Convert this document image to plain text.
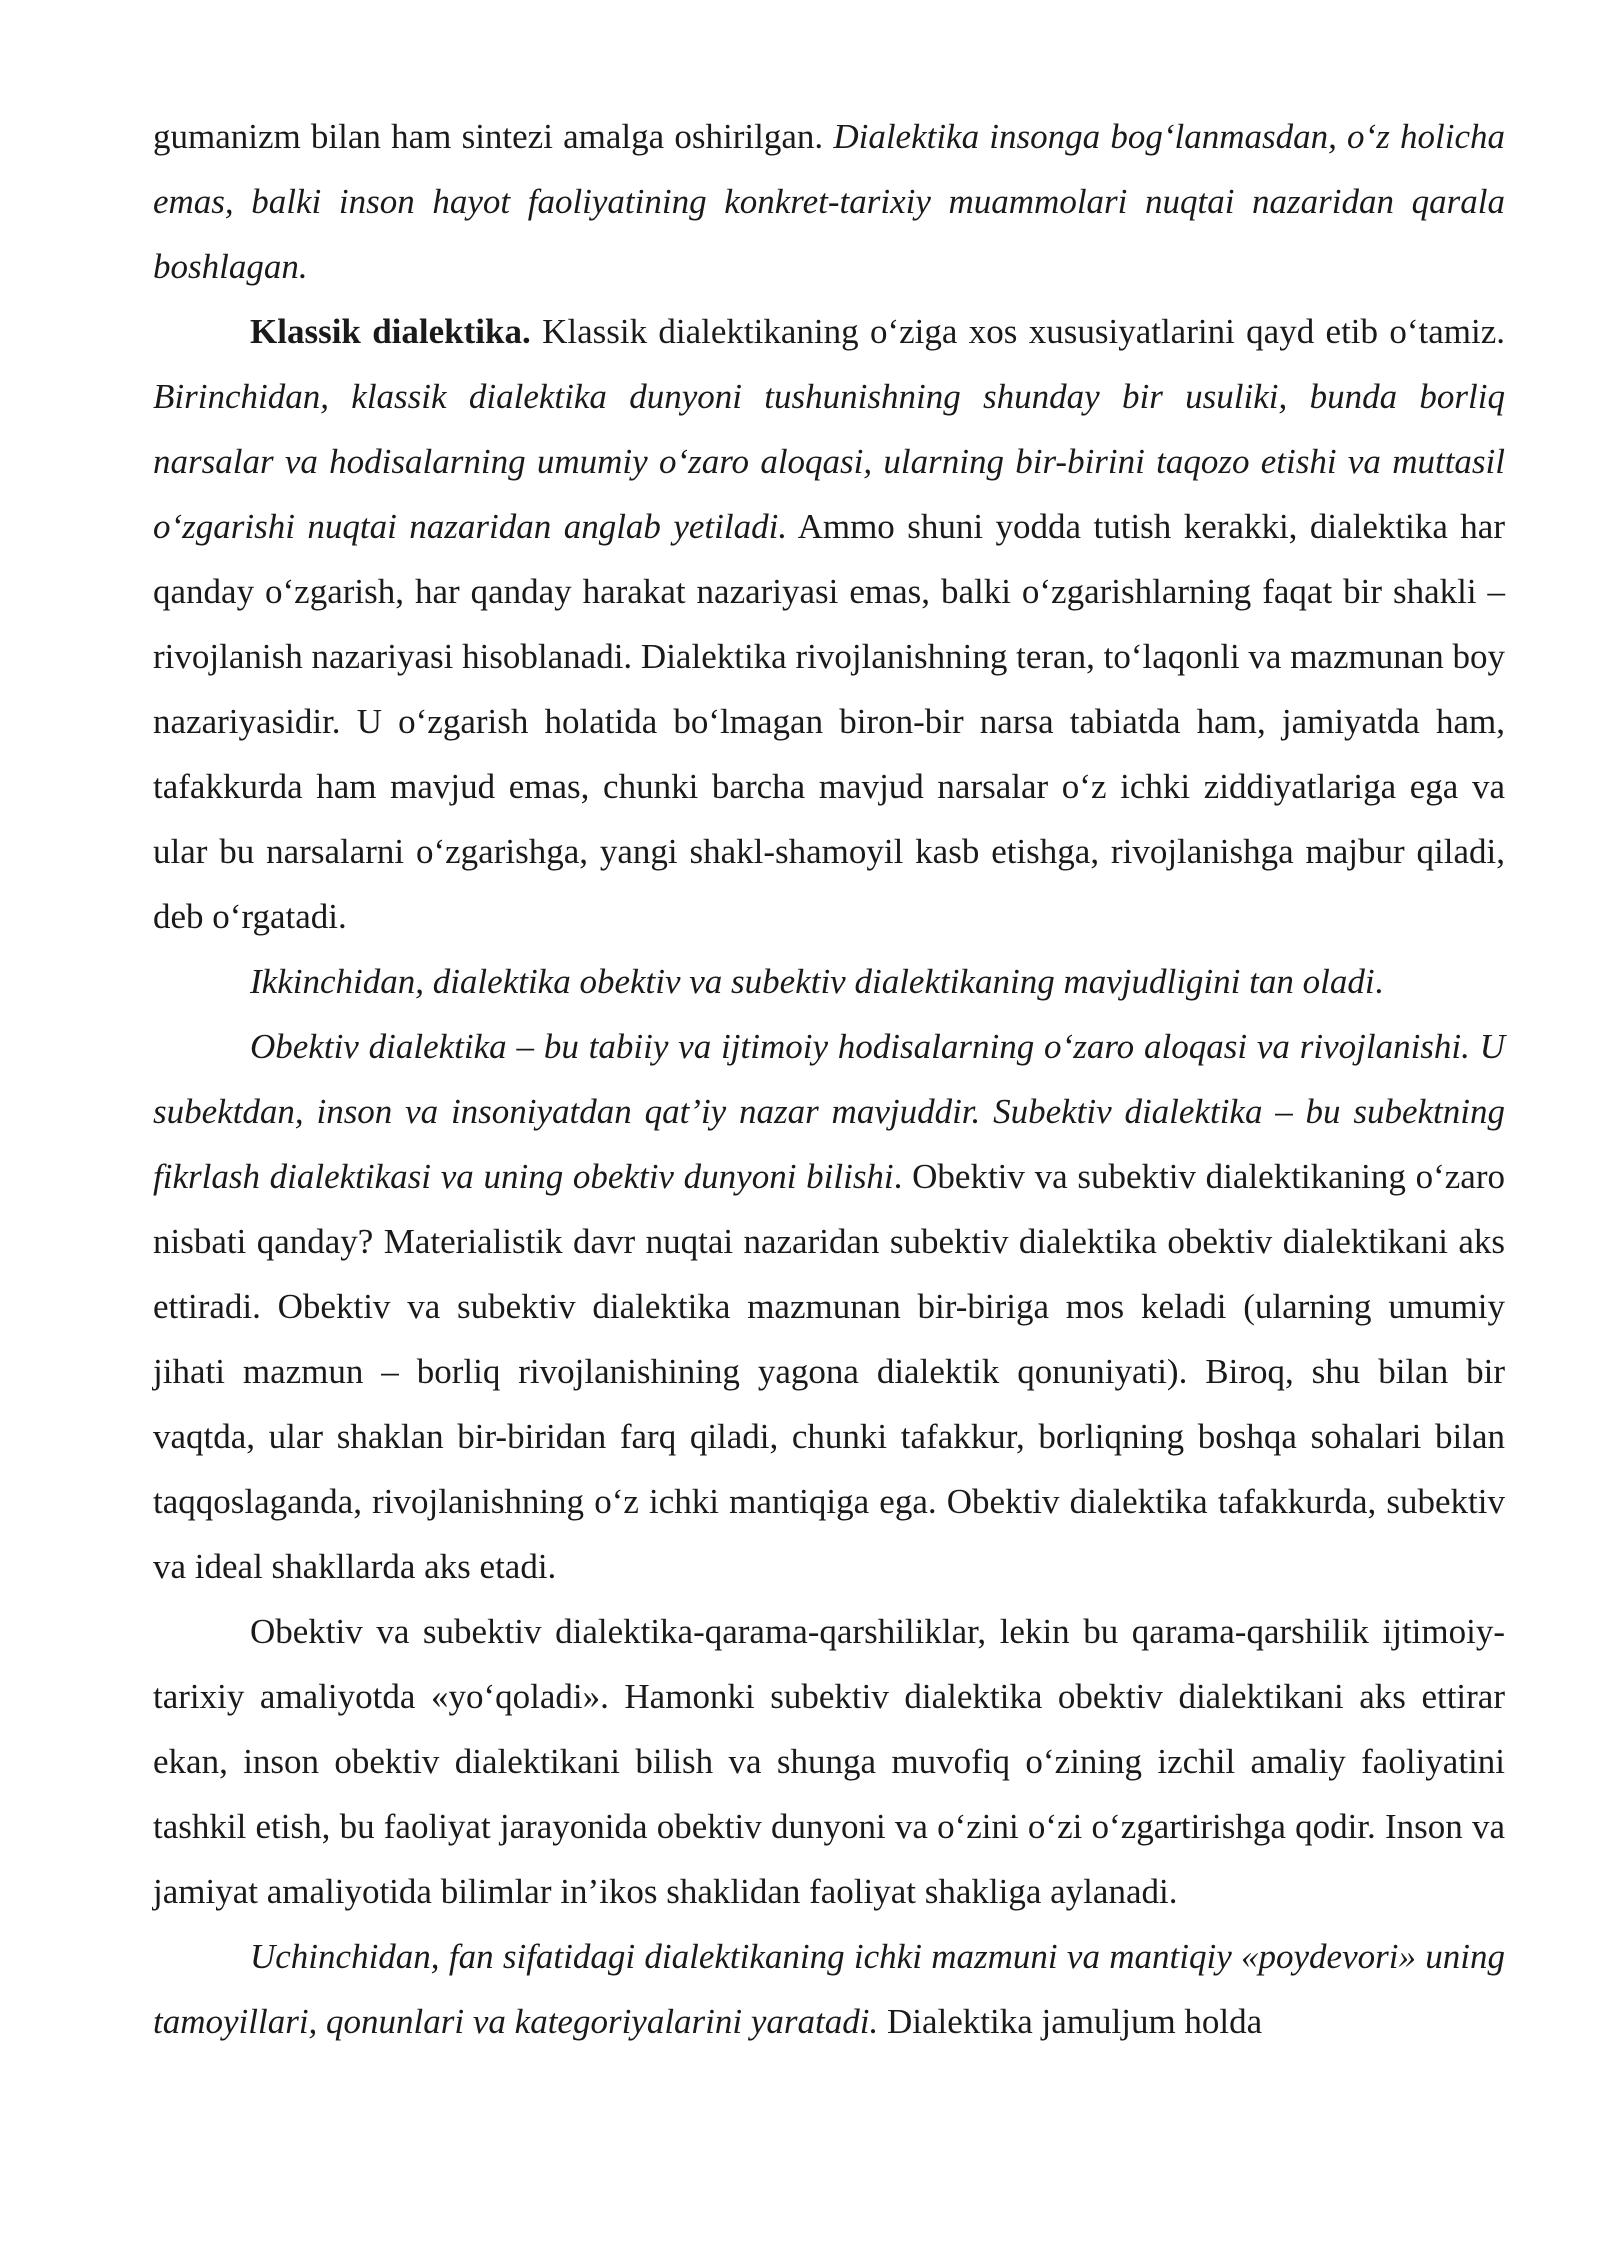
gumanizm bilan ham sintezi amalga oshirilgan. Dialektika insonga bog‘lanmasdan, o‘z holicha emas, balki inson hayot faoliyatining konkret-tarixiy muammolari nuqtai nazaridan qarala boshlagan.

Klassik dialektika. Klassik dialektikaning o‘ziga xos xususiyatlarini qayd etib o‘tamiz. Birinchidan, klassik dialektika dunyoni tushunishning shunday bir usuliki, bunda borliq narsalar va hodisalarning umumiy o‘zaro aloqasi, ularning bir-birini taqozo etishi va muttasil o‘zgarishi nuqtai nazaridan anglab yetiladi. Ammo shuni yodda tutish kerakki, dialektika har qanday o‘zgarish, har qanday harakat nazariyasi emas, balki o‘zgarishlarning faqat bir shakli – rivojlanish nazariyasi hisoblanadi. Dialektika rivojlanishning teran, to‘laqonli va mazmunan boy nazariyasidir. U o‘zgarish holatida bo‘lmagan biron-bir narsa tabiatda ham, jamiyatda ham, tafakkurda ham mavjud emas, chunki barcha mavjud narsalar o‘z ichki ziddiyatlariga ega va ular bu narsalarni o‘zgarishga, yangi shakl-shamoyil kasb etishga, rivojlanishga majbur qiladi, deb o‘rgatadi.

Ikkinchidan, dialektika obektiv va subektiv dialektikaning mavjudligini tan oladi.

Obektiv dialektika – bu tabiiy va ijtimoiy hodisalarning o‘zaro aloqasi va rivojlanishi. U subektdan, inson va insoniyatdan qat’iy nazar mavjuddir. Subektiv dialektika – bu subektning fikrlash dialektikasi va uning obektiv dunyoni bilishi. Obektiv va subektiv dialektikaning o‘zaro nisbati qanday? Materialistik davr nuqtai nazaridan subektiv dialektika obektiv dialektikani aks ettiradi. Obektiv va subektiv dialektika mazmunan bir-biriga mos keladi (ularning umumiy jihati mazmun – borliq rivojlanishining yagona dialektik qonuniyati). Biroq, shu bilan bir vaqtda, ular shaklan bir-biridan farq qiladi, chunki tafakkur, borliqning boshqa sohalari bilan taqqoslaganda, rivojlanishning o‘z ichki mantiqiga ega. Obektiv dialektika tafakkurda, subektiv va ideal shakllarda aks etadi.

Obektiv va subektiv dialektika-qarama-qarshiliklar, lekin bu qarama-qarshilik ijtimoiy-tarixiy amaliyotda «yo‘qoladi». Hamonki subektiv dialektika obektiv dialektikani aks ettirar ekan, inson obektiv dialektikani bilish va shunga muvofiq o‘zining izchil amaliy faoliyatini tashkil etish, bu faoliyat jarayonida obektiv dunyoni va o‘zini o‘zi o‘zgartirishga qodir. Inson va jamiyat amaliyotida bilimlar in’ikos shaklidan faoliyat shakliga aylanadi.

Uchinchidan, fan sifatidagi dialektikaning ichki mazmuni va mantiqiy «poydevori» uning tamoyillari, qonunlari va kategoriyalarini yaratadi. Dialektika jamuljum holda
